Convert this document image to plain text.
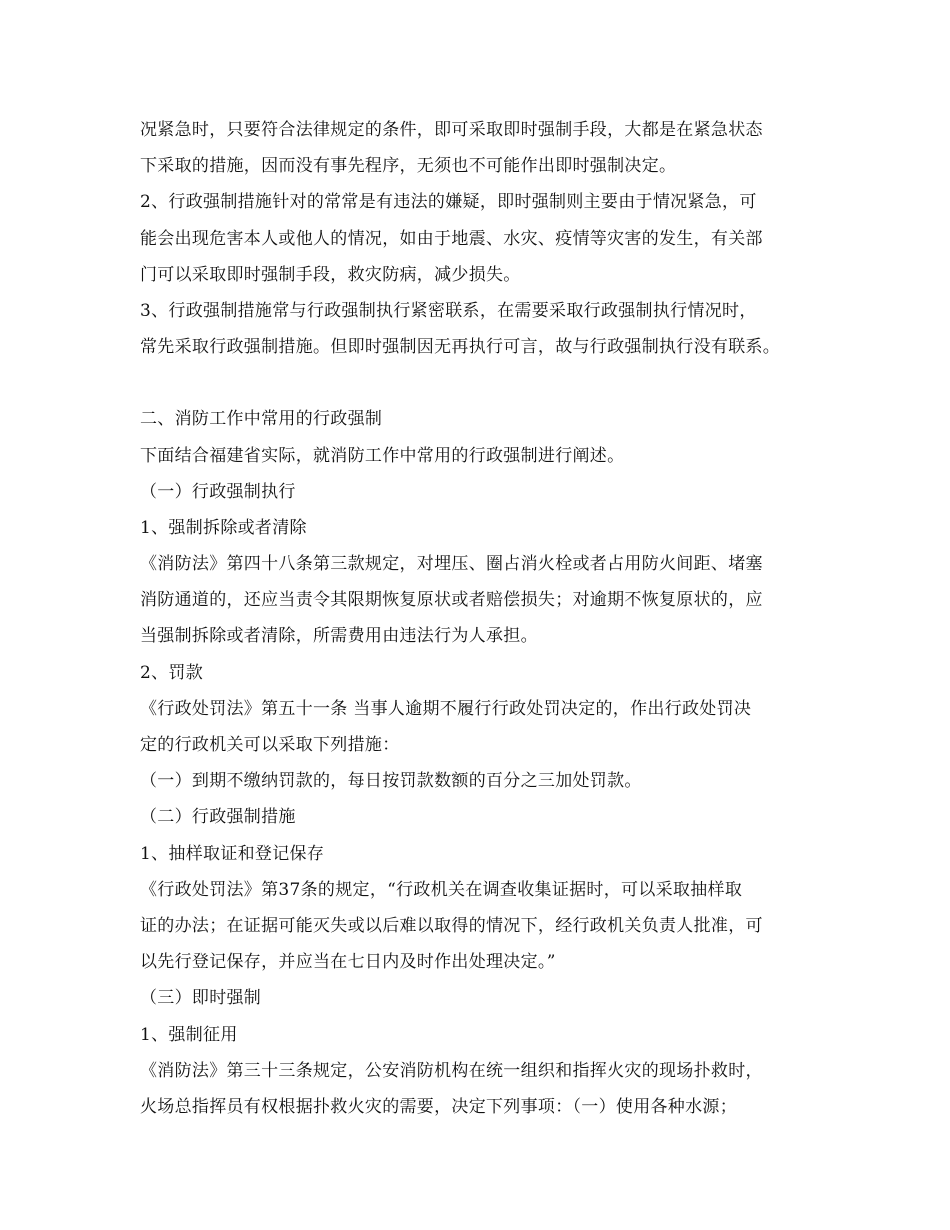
况紧急时，只要符合法律规定的条件，即可采取即时强制手段，大都是在紧急状态
下采取的措施，因而没有事先程序，无须也不可能作出即时强制决定。
2、行政强制措施针对的常常是有违法的嫌疑，即时强制则主要由于情况紧急，可
能会出现危害本人或他人的情况，如由于地震、水灾、疫情等灾害的发生，有关部
门可以采取即时强制手段，救灾防病，减少损失。
3、行政强制措施常与行政强制执行紧密联系，在需要采取行政强制执行情况时，
常先采取行政强制措施。但即时强制因无再执行可言，故与行政强制执行没有联系。
二、消防工作中常用的行政强制
下面结合福建省实际，就消防工作中常用的行政强制进行阐述。
（一）行政强制执行
1、强制拆除或者清除
《消防法》第四十八条第三款规定，对埋压、圈占消火栓或者占用防火间距、堵塞
消防通道的，还应当责令其限期恢复原状或者赔偿损失；对逾期不恢复原状的，应
当强制拆除或者清除，所需费用由违法行为人承担。
2、罚款
《行政处罚法》第五十一条 当事人逾期不履行行政处罚决定的，作出行政处罚决
定的行政机关可以采取下列措施：
（一）到期不缴纳罚款的，每日按罚款数额的百分之三加处罚款。
（二）行政强制措施
1、抽样取证和登记保存
《行政处罚法》第37条的规定，“行政机关在调查收集证据时，可以采取抽样取
证的办法；在证据可能灭失或以后难以取得的情况下，经行政机关负责人批准，可
以先行登记保存，并应当在七日内及时作出处理决定。”
（三）即时强制
1、强制征用
《消防法》第三十三条规定，公安消防机构在统一组织和指挥火灾的现场扑救时，
火场总指挥员有权根据扑救火灾的需要，决定下列事项：（一）使用各种水源；
